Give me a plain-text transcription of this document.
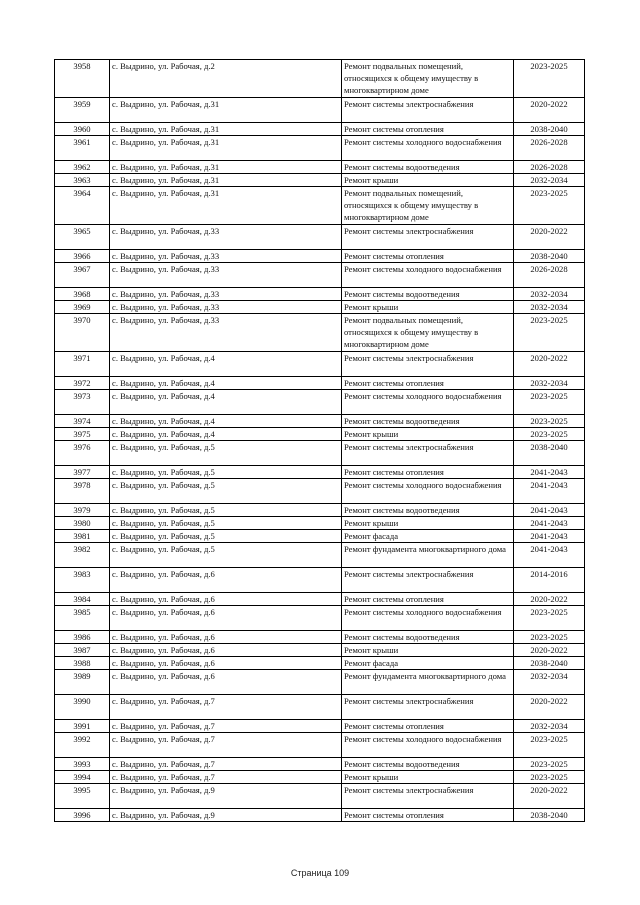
3958	с. Выдрино, ул. Рабочая, д.2	Ремонт подвальных помещений, относящихся к общему имуществу в многоквартирном доме	2023-2025
3959	с. Выдрино, ул. Рабочая, д.31	Ремонт системы электроснабжения	2020-2022
3960	с. Выдрино, ул. Рабочая, д.31	Ремонт системы отопления	2038-2040
3961	с. Выдрино, ул. Рабочая, д.31	Ремонт системы холодного водоснабжения	2026-2028
3962	с. Выдрино, ул. Рабочая, д.31	Ремонт системы водоотведения	2026-2028
3963	с. Выдрино, ул. Рабочая, д.31	Ремонт крыши	2032-2034
3964	с. Выдрино, ул. Рабочая, д.31	Ремонт подвальных помещений, относящихся к общему имуществу в многоквартирном доме	2023-2025
3965	с. Выдрино, ул. Рабочая, д.33	Ремонт системы электроснабжения	2020-2022
3966	с. Выдрино, ул. Рабочая, д.33	Ремонт системы отопления	2038-2040
3967	с. Выдрино, ул. Рабочая, д.33	Ремонт системы холодного водоснабжения	2026-2028
3968	с. Выдрино, ул. Рабочая, д.33	Ремонт системы водоотведения	2032-2034
3969	с. Выдрино, ул. Рабочая, д.33	Ремонт крыши	2032-2034
3970	с. Выдрино, ул. Рабочая, д.33	Ремонт подвальных помещений, относящихся к общему имуществу в многоквартирном доме	2023-2025
3971	с. Выдрино, ул. Рабочая, д.4	Ремонт системы электроснабжения	2020-2022
3972	с. Выдрино, ул. Рабочая, д.4	Ремонт системы отопления	2032-2034
3973	с. Выдрино, ул. Рабочая, д.4	Ремонт системы холодного водоснабжения	2023-2025
3974	с. Выдрино, ул. Рабочая, д.4	Ремонт системы водоотведения	2023-2025
3975	с. Выдрино, ул. Рабочая, д.4	Ремонт крыши	2023-2025
3976	с. Выдрино, ул. Рабочая, д.5	Ремонт системы электроснабжения	2038-2040
3977	с. Выдрино, ул. Рабочая, д.5	Ремонт системы отопления	2041-2043
3978	с. Выдрино, ул. Рабочая, д.5	Ремонт системы холодного водоснабжения	2041-2043
3979	с. Выдрино, ул. Рабочая, д.5	Ремонт системы водоотведения	2041-2043
3980	с. Выдрино, ул. Рабочая, д.5	Ремонт крыши	2041-2043
3981	с. Выдрино, ул. Рабочая, д.5	Ремонт фасада	2041-2043
3982	с. Выдрино, ул. Рабочая, д.5	Ремонт фундамента многоквартирного дома	2041-2043
3983	с. Выдрино, ул. Рабочая, д.6	Ремонт системы электроснабжения	2014-2016
3984	с. Выдрино, ул. Рабочая, д.6	Ремонт системы отопления	2020-2022
3985	с. Выдрино, ул. Рабочая, д.6	Ремонт системы холодного водоснабжения	2023-2025
3986	с. Выдрино, ул. Рабочая, д.6	Ремонт системы водоотведения	2023-2025
3987	с. Выдрино, ул. Рабочая, д.6	Ремонт крыши	2020-2022
3988	с. Выдрино, ул. Рабочая, д.6	Ремонт фасада	2038-2040
3989	с. Выдрино, ул. Рабочая, д.6	Ремонт фундамента многоквартирного дома	2032-2034
3990	с. Выдрино, ул. Рабочая, д.7	Ремонт системы электроснабжения	2020-2022
3991	с. Выдрино, ул. Рабочая, д.7	Ремонт системы отопления	2032-2034
3992	с. Выдрино, ул. Рабочая, д.7	Ремонт системы холодного водоснабжения	2023-2025
3993	с. Выдрино, ул. Рабочая, д.7	Ремонт системы водоотведения	2023-2025
3994	с. Выдрино, ул. Рабочая, д.7	Ремонт крыши	2023-2025
3995	с. Выдрино, ул. Рабочая, д.9	Ремонт системы электроснабжения	2020-2022
3996	с. Выдрино, ул. Рабочая, д.9	Ремонт системы отопления	2038-2040
Страница 109
